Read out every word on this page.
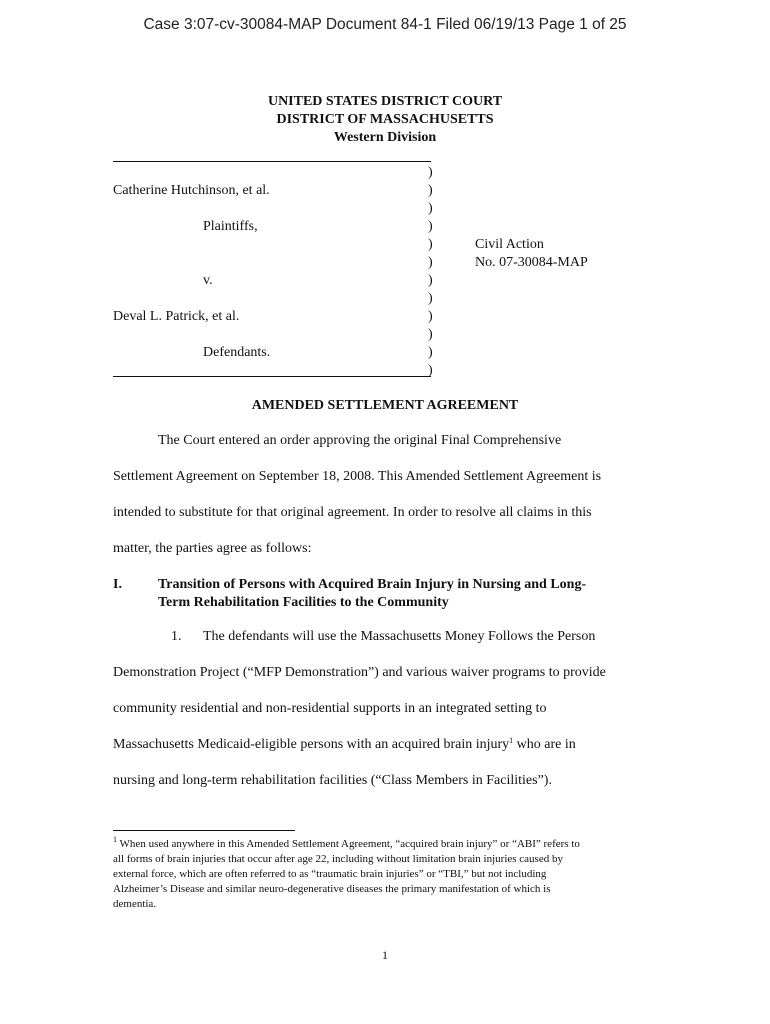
Case 3:07-cv-30084-MAP Document 84-1 Filed 06/19/13 Page 1 of 25
UNITED STATES DISTRICT COURT
DISTRICT OF MASSACHUSETTS
Western Division
)
)
)
)
)
)
)
)
)
)
)
)
Catherine Hutchinson, et al.
Plaintiffs,
v.
Deval L. Patrick, et al.
Defendants.
Civil Action
No. 07-30084-MAP
AMENDED SETTLEMENT AGREEMENT
The Court entered an order approving the original Final Comprehensive
Settlement Agreement on September 18, 2008. This Amended Settlement Agreement is
intended to substitute for that original agreement. In order to resolve all claims in this
matter, the parties agree as follows:
I.	Transition of Persons with Acquired Brain Injury in Nursing and Long-
Term Rehabilitation Facilities to the Community
1. The defendants will use the Massachusetts Money Follows the Person
Demonstration Project (“MFP Demonstration”) and various waiver programs to provide
community residential and non-residential supports in an integrated setting to
Massachusetts Medicaid-eligible persons with an acquired brain injury$^1$ who are in
nursing and long-term rehabilitation facilities (“Class Members in Facilities”).
$^1$ When used anywhere in this Amended Settlement Agreement, “acquired brain injury” or “ABI” refers to
all forms of brain injuries that occur after age 22, including without limitation brain injuries caused by
external force, which are often referred to as “traumatic brain injuries” or “TBI,” but not including
Alzheimer’s Disease and similar neuro-degenerative diseases the primary manifestation of which is
dementia.
1
